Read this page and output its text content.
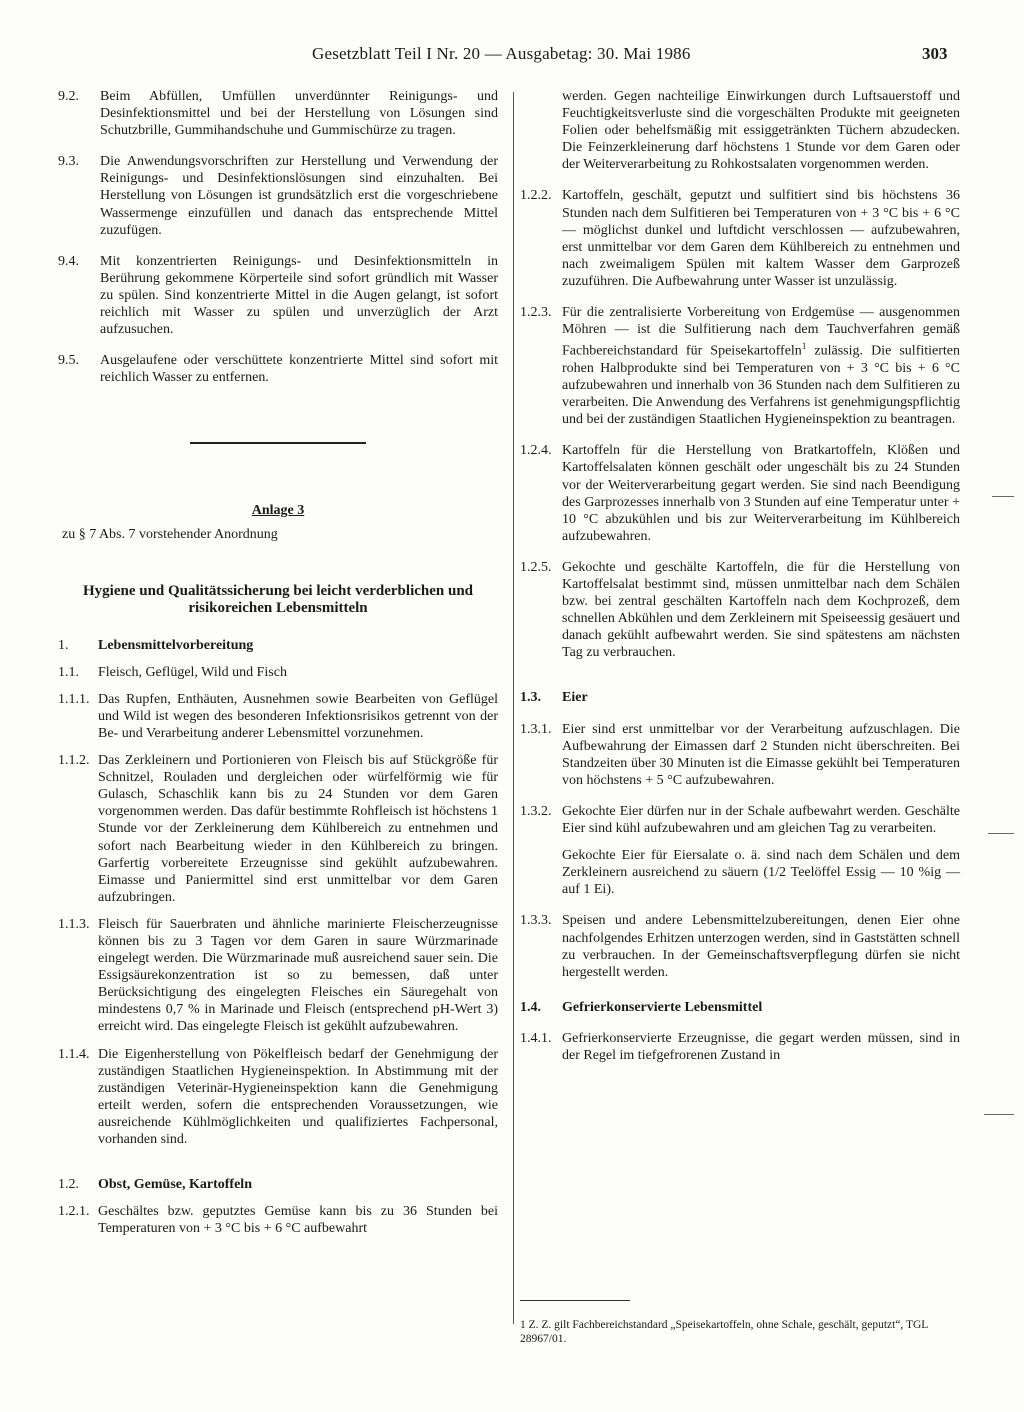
Gesetzblatt Teil I Nr. 20 — Ausgabetag: 30. Mai 1986	303
9.2.	Beim Abfüllen, Umfüllen unverdünnter Reinigungs- und Desinfektionsmittel und bei der Herstellung von Lösungen sind Schutzbrille, Gummihandschuhe und Gummischürze zu tragen.
9.3.	Die Anwendungsvorschriften zur Herstellung und Verwendung der Reinigungs- und Desinfektionslösungen sind einzuhalten. Bei Herstellung von Lösungen ist grundsätzlich erst die vorgeschriebene Wassermenge einzufüllen und danach das entsprechende Mittel zuzufügen.
9.4.	Mit konzentrierten Reinigungs- und Desinfektionsmitteln in Berührung gekommene Körperteile sind sofort gründlich mit Wasser zu spülen. Sind konzentrierte Mittel in die Augen gelangt, ist sofort reichlich mit Wasser zu spülen und unverzüglich der Arzt aufzusuchen.
9.5.	Ausgelaufene oder verschüttete konzentrierte Mittel sind sofort mit reichlich Wasser zu entfernen.
Anlage 3
zu § 7 Abs. 7 vorstehender Anordnung
Hygiene und Qualitätssicherung bei leicht verderblichen und risikoreichen Lebensmitteln
1.	Lebensmittelvorbereitung
1.1.	Fleisch, Geflügel, Wild und Fisch
1.1.1. Das Rupfen, Enthäuten, Ausnehmen sowie Bearbeiten von Geflügel und Wild ist wegen des besonderen Infektionsrisikos getrennt von der Be- und Verarbeitung anderer Lebensmittel vorzunehmen.
1.1.2. Das Zerkleinern und Portionieren von Fleisch bis auf Stückgröße für Schnitzel, Rouladen und dergleichen oder würfelförmig wie für Gulasch, Schaschlik kann bis zu 24 Stunden vor dem Garen vorgenommen werden. Das dafür bestimmte Rohfleisch ist höchstens 1 Stunde vor der Zerkleinerung dem Kühlbereich zu entnehmen und sofort nach Bearbeitung wieder in den Kühlbereich zu bringen. Garfertig vorbereitete Erzeugnisse sind gekühlt aufzubewahren. Eimasse und Paniermittel sind erst unmittelbar vor dem Garen aufzubringen.
1.1.3. Fleisch für Sauerbraten und ähnliche marinierte Fleischerzeugnisse können bis zu 3 Tagen vor dem Garen in saure Würzmarinade eingelegt werden. Die Würzmarinade muß ausreichend sauer sein. Die Essigsäurekonzentration ist so zu bemessen, daß unter Berücksichtigung des eingelegten Fleisches ein Säuregehalt von mindestens 0,7 % in Marinade und Fleisch (entsprechend pH-Wert 3) erreicht wird. Das eingelegte Fleisch ist gekühlt aufzubewahren.
1.1.4. Die Eigenherstellung von Pökelfleisch bedarf der Genehmigung der zuständigen Staatlichen Hygieneinspektion. In Abstimmung mit der zuständigen Veterinär-Hygieneinspektion kann die Genehmigung erteilt werden, sofern die entsprechenden Voraussetzungen, wie ausreichende Kühlmöglichkeiten und qualifiziertes Fachpersonal, vorhanden sind.
1.2.	Obst, Gemüse, Kartoffeln
1.2.1. Geschältes bzw. geputztes Gemüse kann bis zu 36 Stunden bei Temperaturen von + 3 °C bis + 6 °C aufbewahrt
werden. Gegen nachteilige Einwirkungen durch Luftsauerstoff und Feuchtigkeitsverluste sind die vorgeschälten Produkte mit geeigneten Folien oder behelfsmäßig mit essiggetränkten Tüchern abzudecken. Die Feinzerkleinerung darf höchstens 1 Stunde vor dem Garen oder der Weiterverarbeitung zu Rohkostsalaten vorgenommen werden.
1.2.2. Kartoffeln, geschält, geputzt und sulfitiert sind bis höchstens 36 Stunden nach dem Sulfitieren bei Temperaturen von + 3 °C bis + 6 °C — möglichst dunkel und luftdicht verschlossen — aufzubewahren, erst unmittelbar vor dem Garen dem Kühlbereich zu entnehmen und nach zweimaligem Spülen mit kaltem Wasser dem Garprozeß zuzuführen. Die Aufbewahrung unter Wasser ist unzulässig.
1.2.3. Für die zentralisierte Vorbereitung von Erdgemüse — ausgenommen Möhren — ist die Sulfitierung nach dem Tauchverfahren gemäß Fachbereichstandard für Speisekartoffeln$^1$ zulässig. Die sulfitierten rohen Halbprodukte sind bei Temperaturen von + 3 °C bis + 6 °C aufzubewahren und innerhalb von 36 Stunden nach dem Sulfitieren zu verarbeiten. Die Anwendung des Verfahrens ist genehmigungspflichtig und bei der zuständigen Staatlichen Hygieneinspektion zu beantragen.
1.2.4. Kartoffeln für die Herstellung von Bratkartoffeln, Klößen und Kartoffelsalaten können geschält oder ungeschält bis zu 24 Stunden vor der Weiterverarbeitung gegart werden. Sie sind nach Beendigung des Garprozesses innerhalb von 3 Stunden auf eine Temperatur unter + 10 °C abzukühlen und bis zur Weiterverarbeitung im Kühlbereich aufzubewahren.
1.2.5. Gekochte und geschälte Kartoffeln, die für die Herstellung von Kartoffelsalat bestimmt sind, müssen unmittelbar nach dem Schälen bzw. bei zentral geschälten Kartoffeln nach dem Kochprozeß, dem schnellen Abkühlen und dem Zerkleinern mit Speiseessig gesäuert und danach gekühlt aufbewahrt werden. Sie sind spätestens am nächsten Tag zu verbrauchen.
1.3.	Eier
1.3.1. Eier sind erst unmittelbar vor der Verarbeitung aufzuschlagen. Die Aufbewahrung der Eimassen darf 2 Stunden nicht überschreiten. Bei Standzeiten über 30 Minuten ist die Eimasse gekühlt bei Temperaturen von höchstens + 5 °C aufzubewahren.
1.3.2. Gekochte Eier dürfen nur in der Schale aufbewahrt werden. Geschälte Eier sind kühl aufzubewahren und am gleichen Tag zu verarbeiten.
Gekochte Eier für Eiersalate o. ä. sind nach dem Schälen und dem Zerkleinern ausreichend zu säuern (1/2 Teelöffel Essig — 10 %ig — auf 1 Ei).
1.3.3. Speisen und andere Lebensmittelzubereitungen, denen Eier ohne nachfolgendes Erhitzen unterzogen werden, sind in Gaststätten schnell zu verbrauchen. In der Gemeinschaftsverpflegung dürfen sie nicht hergestellt werden.
1.4.	Gefrierkonservierte Lebensmittel
1.4.1. Gefrierkonservierte Erzeugnisse, die gegart werden müssen, sind in der Regel im tiefgefrorenen Zustand in
1 Z. Z. gilt Fachbereichstandard „Speisekartoffeln, ohne Schale, geschält, geputzt“, TGL 28967/01.
